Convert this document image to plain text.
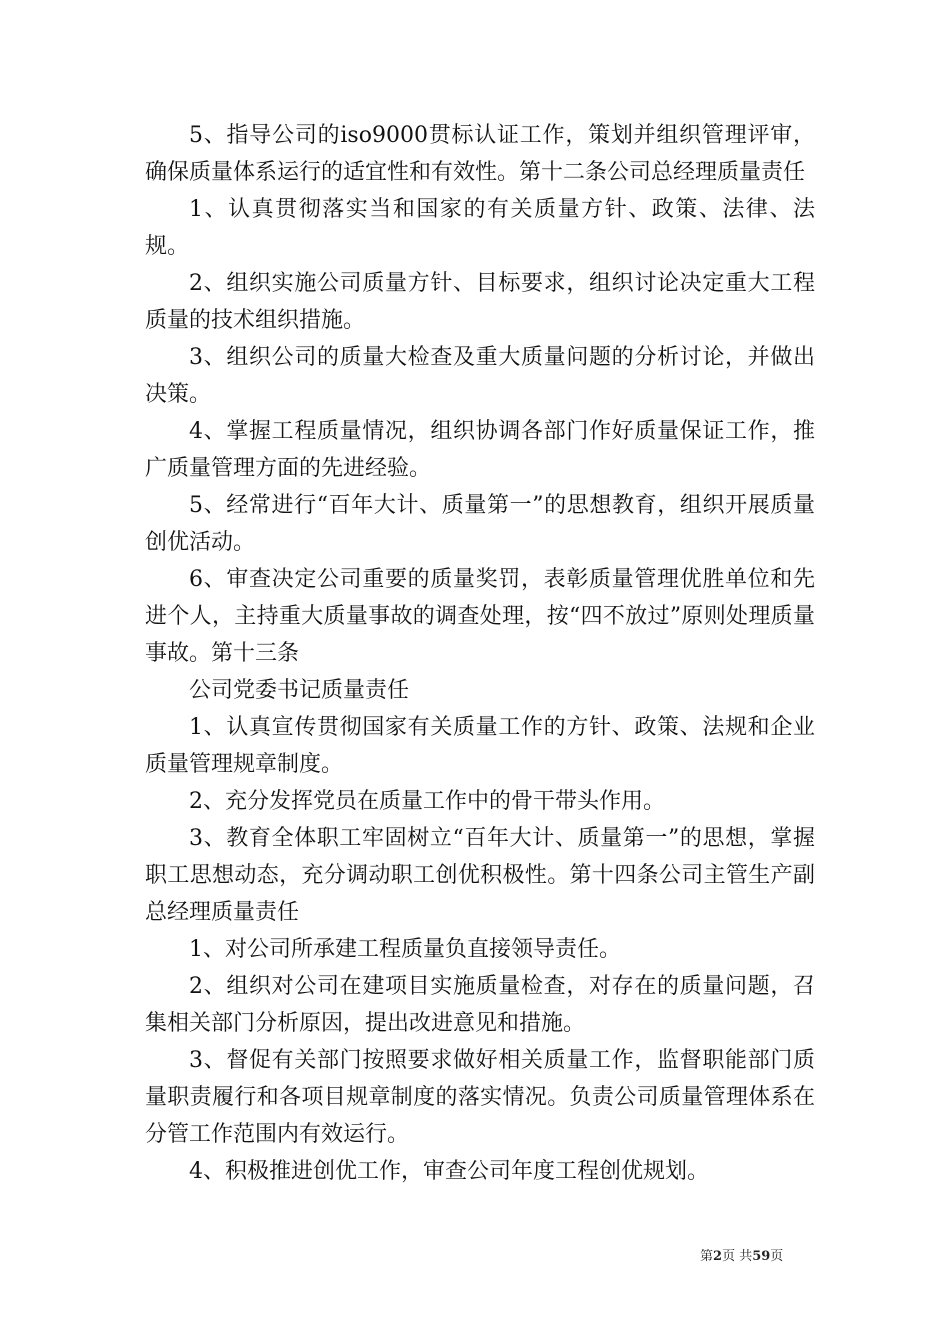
5、指导公司的iso9000贯标认证工作，策划并组织管理评审，确保质量体系运行的适宜性和有效性。第十二条公司总经理质量责任

1、认真贯彻落实当和国家的有关质量方针、政策、法律、法规。

2、组织实施公司质量方针、目标要求，组织讨论决定重大工程质量的技术组织措施。

3、组织公司的质量大检查及重大质量问题的分析讨论，并做出决策。

4、掌握工程质量情况，组织协调各部门作好质量保证工作，推广质量管理方面的先进经验。

5、经常进行“百年大计、质量第一”的思想教育，组织开展质量创优活动。

6、审查决定公司重要的质量奖罚，表彰质量管理优胜单位和先进个人，主持重大质量事故的调查处理，按“四不放过”原则处理质量事故。第十三条

公司党委书记质量责任

1、认真宣传贯彻国家有关质量工作的方针、政策、法规和企业质量管理规章制度。

2、充分发挥党员在质量工作中的骨干带头作用。

3、教育全体职工牢固树立“百年大计、质量第一”的思想，掌握职工思想动态，充分调动职工创优积极性。第十四条公司主管生产副总经理质量责任

1、对公司所承建工程质量负直接领导责任。

2、组织对公司在建项目实施质量检查，对存在的质量问题，召集相关部门分析原因，提出改进意见和措施。

3、督促有关部门按照要求做好相关质量工作，监督职能部门质量职责履行和各项目规章制度的落实情况。负责公司质量管理体系在分管工作范围内有效运行。

4、积极推进创优工作，审查公司年度工程创优规划。

第2页 共59页
